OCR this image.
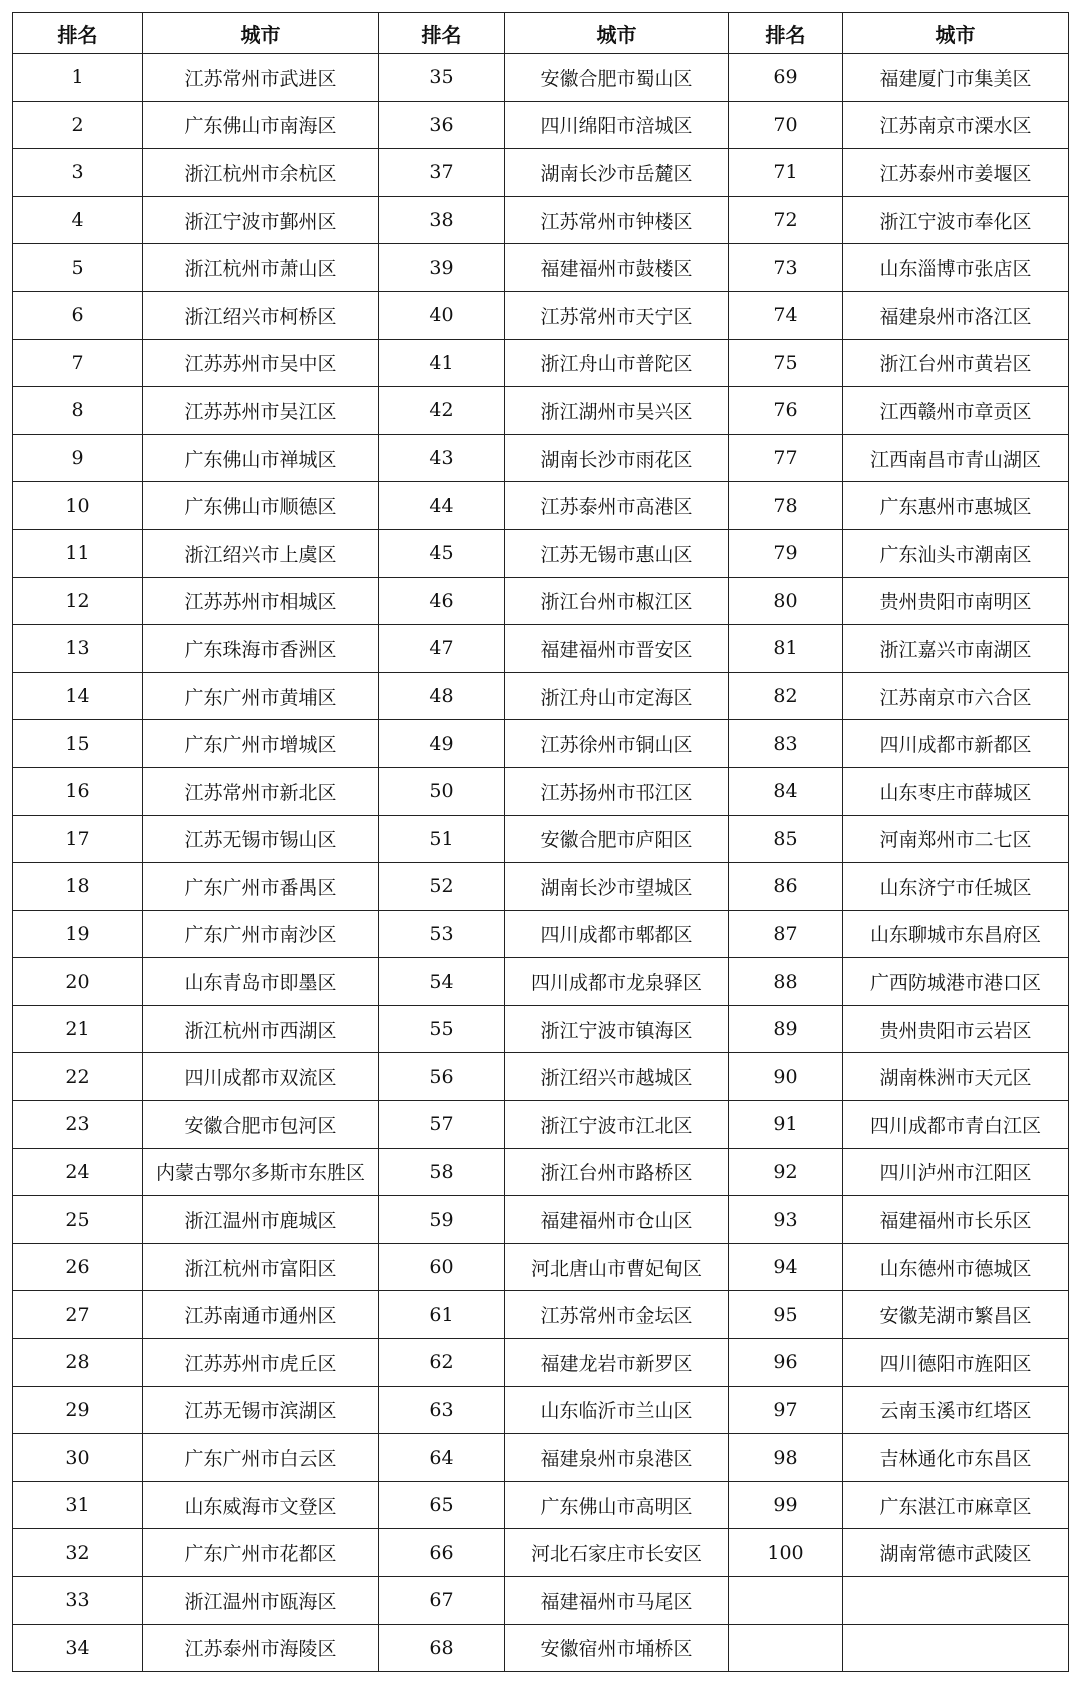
排名	城市	排名	城市	排名	城市
1	江苏常州市武进区	35	安徽合肥市蜀山区	69	福建厦门市集美区
2	广东佛山市南海区	36	四川绵阳市涪城区	70	江苏南京市溧水区
3	浙江杭州市余杭区	37	湖南长沙市岳麓区	71	江苏泰州市姜堰区
4	浙江宁波市鄞州区	38	江苏常州市钟楼区	72	浙江宁波市奉化区
5	浙江杭州市萧山区	39	福建福州市鼓楼区	73	山东淄博市张店区
6	浙江绍兴市柯桥区	40	江苏常州市天宁区	74	福建泉州市洛江区
7	江苏苏州市吴中区	41	浙江舟山市普陀区	75	浙江台州市黄岩区
8	江苏苏州市吴江区	42	浙江湖州市吴兴区	76	江西赣州市章贡区
9	广东佛山市禅城区	43	湖南长沙市雨花区	77	江西南昌市青山湖区
10	广东佛山市顺德区	44	江苏泰州市高港区	78	广东惠州市惠城区
11	浙江绍兴市上虞区	45	江苏无锡市惠山区	79	广东汕头市潮南区
12	江苏苏州市相城区	46	浙江台州市椒江区	80	贵州贵阳市南明区
13	广东珠海市香洲区	47	福建福州市晋安区	81	浙江嘉兴市南湖区
14	广东广州市黄埔区	48	浙江舟山市定海区	82	江苏南京市六合区
15	广东广州市增城区	49	江苏徐州市铜山区	83	四川成都市新都区
16	江苏常州市新北区	50	江苏扬州市邗江区	84	山东枣庄市薛城区
17	江苏无锡市锡山区	51	安徽合肥市庐阳区	85	河南郑州市二七区
18	广东广州市番禺区	52	湖南长沙市望城区	86	山东济宁市任城区
19	广东广州市南沙区	53	四川成都市郫都区	87	山东聊城市东昌府区
20	山东青岛市即墨区	54	四川成都市龙泉驿区	88	广西防城港市港口区
21	浙江杭州市西湖区	55	浙江宁波市镇海区	89	贵州贵阳市云岩区
22	四川成都市双流区	56	浙江绍兴市越城区	90	湖南株洲市天元区
23	安徽合肥市包河区	57	浙江宁波市江北区	91	四川成都市青白江区
24	内蒙古鄂尔多斯市东胜区	58	浙江台州市路桥区	92	四川泸州市江阳区
25	浙江温州市鹿城区	59	福建福州市仓山区	93	福建福州市长乐区
26	浙江杭州市富阳区	60	河北唐山市曹妃甸区	94	山东德州市德城区
27	江苏南通市通州区	61	江苏常州市金坛区	95	安徽芜湖市繁昌区
28	江苏苏州市虎丘区	62	福建龙岩市新罗区	96	四川德阳市旌阳区
29	江苏无锡市滨湖区	63	山东临沂市兰山区	97	云南玉溪市红塔区
30	广东广州市白云区	64	福建泉州市泉港区	98	吉林通化市东昌区
31	山东威海市文登区	65	广东佛山市高明区	99	广东湛江市麻章区
32	广东广州市花都区	66	河北石家庄市长安区	100	湖南常德市武陵区
33	浙江温州市瓯海区	67	福建福州市马尾区		
34	江苏泰州市海陵区	68	安徽宿州市埇桥区		
